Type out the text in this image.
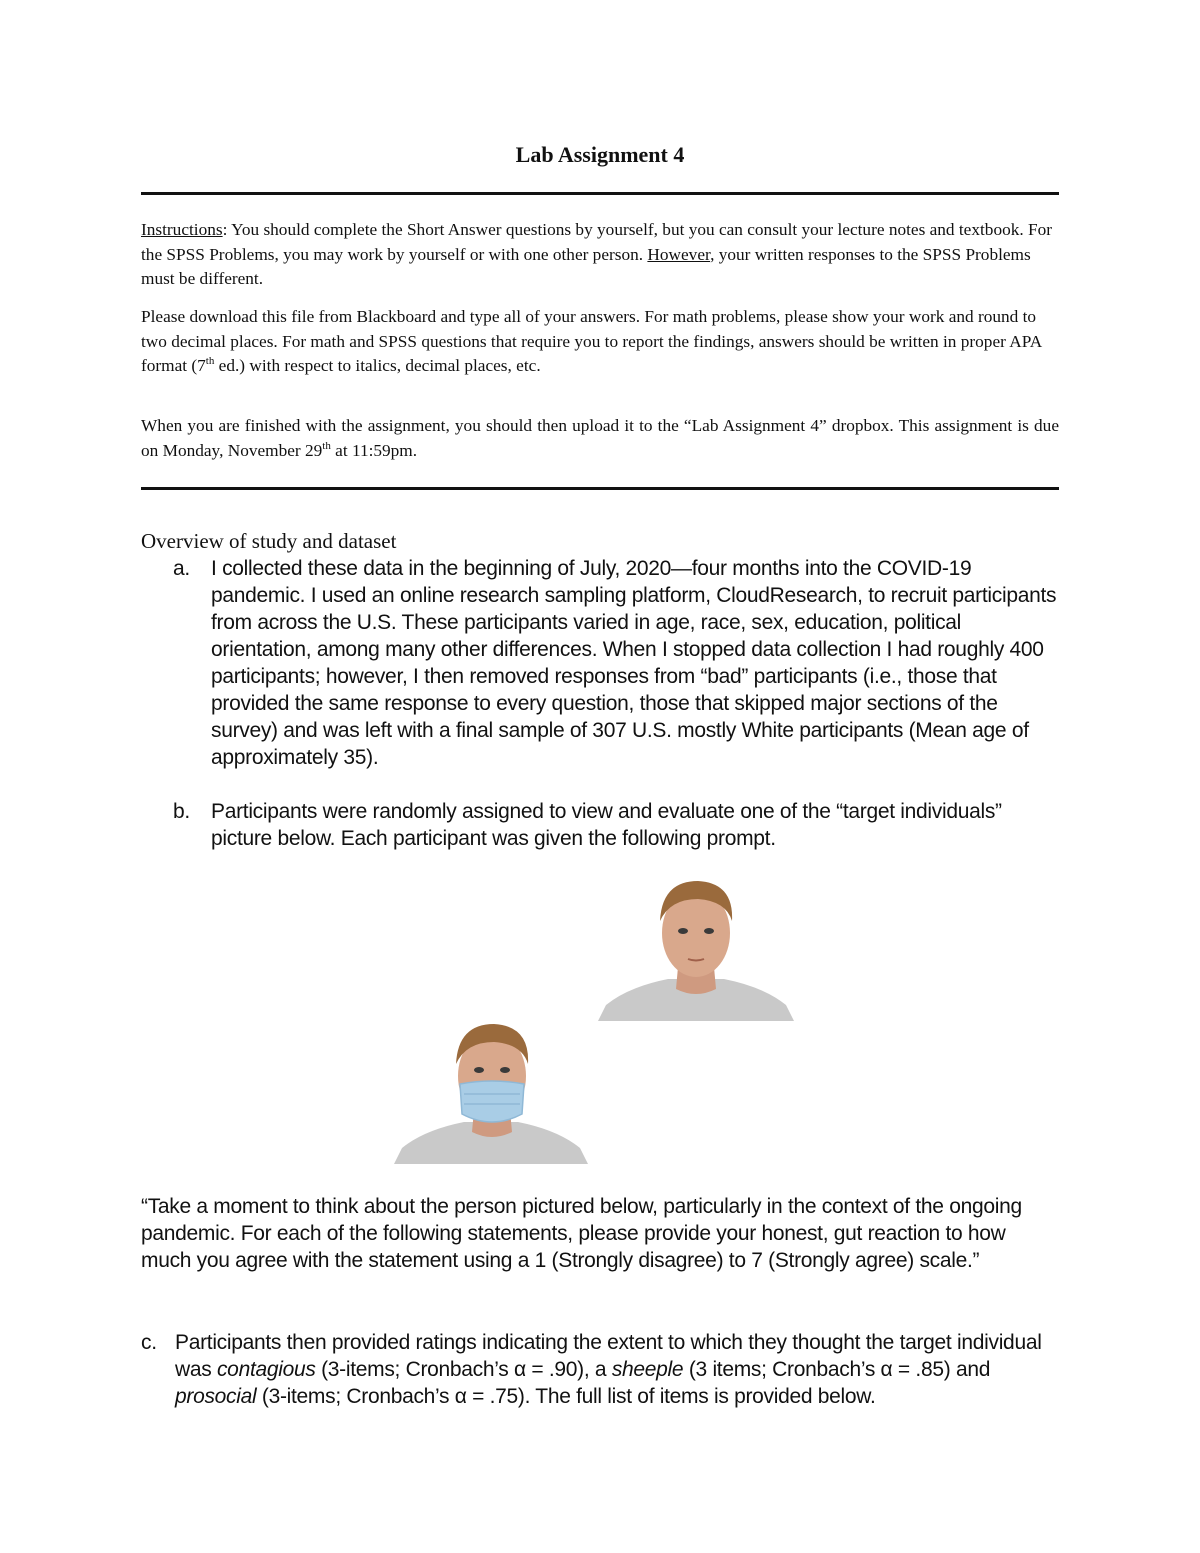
Lab Assignment 4

Instructions: You should complete the Short Answer questions by yourself, but you can consult your lecture notes and textbook. For the SPSS Problems, you may work by yourself or with one other person. However, your written responses to the SPSS Problems must be different.

Please download this file from Blackboard and type all of your answers. For math problems, please show your work and round to two decimal places. For math and SPSS questions that require you to report the findings, answers should be written in proper APA format (7th ed.) with respect to italics, decimal places, etc.

When you are finished with the assignment, you should then upload it to the “Lab Assignment 4” dropbox. This assignment is due on Monday, November 29th at 11:59pm.

Overview of study and dataset
a. I collected these data in the beginning of July, 2020—four months into the COVID-19 pandemic. I used an online research sampling platform, CloudResearch, to recruit participants from across the U.S. These participants varied in age, race, sex, education, political orientation, among many other differences. When I stopped data collection I had roughly 400 participants; however, I then removed responses from “bad” participants (i.e., those that provided the same response to every question, those that skipped major sections of the survey) and was left with a final sample of 307 U.S. mostly White participants (Mean age of approximately 35).
b. Participants were randomly assigned to view and evaluate one of the “target individuals” picture below. Each participant was given the following prompt.
“Take a moment to think about the person pictured below, particularly in the context of the ongoing pandemic. For each of the following statements, please provide your honest, gut reaction to how much you agree with the statement using a 1 (Strongly disagree) to 7 (Strongly agree) scale.”
c. Participants then provided ratings indicating the extent to which they thought the target individual was contagious (3-items; Cronbach’s α = .90), a sheeple (3 items; Cronbach’s α = .85) and prosocial (3-items; Cronbach’s α = .75). The full list of items is provided below.
